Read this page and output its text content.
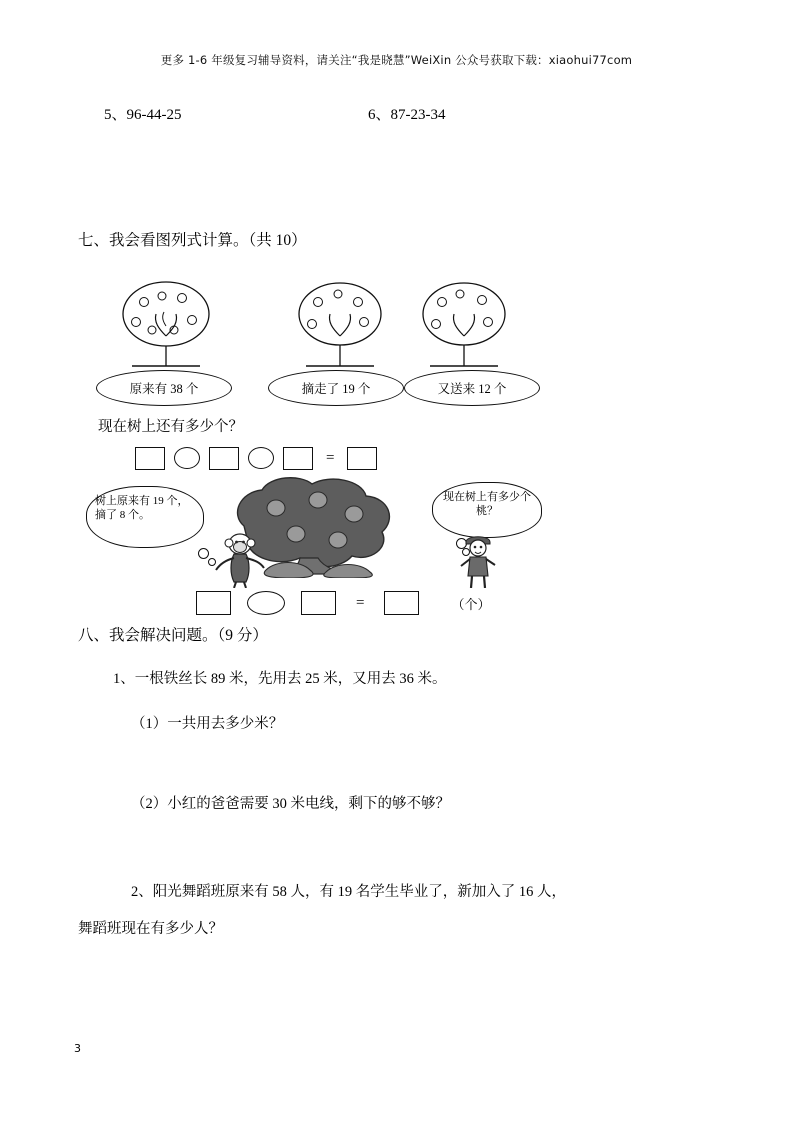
更多 1-6 年级复习辅导资料，请关注“我是晓慧”WeiXin 公众号获取下载：xiaohui77com
5、96-44-25	6、87-23-34
七、我会看图列式计算。（共 10）
原来有 38 个	摘走了 19 个	又送来 12 个
现在树上还有多少个？
=
树上原来有 19 个，摘了 8 个。
现在树上有多少个桃？
=	（个）
八、我会解决问题。（9 分）
1、一根铁丝长 89 米，先用去 25 米，又用去 36 米。
（1）一共用去多少米？
（2）小红的爸爸需要 30 米电线，剩下的够不够？
2、阳光舞蹈班原来有 58 人，有 19 名学生毕业了，新加入了 16 人，
舞蹈班现在有多少人？
3
